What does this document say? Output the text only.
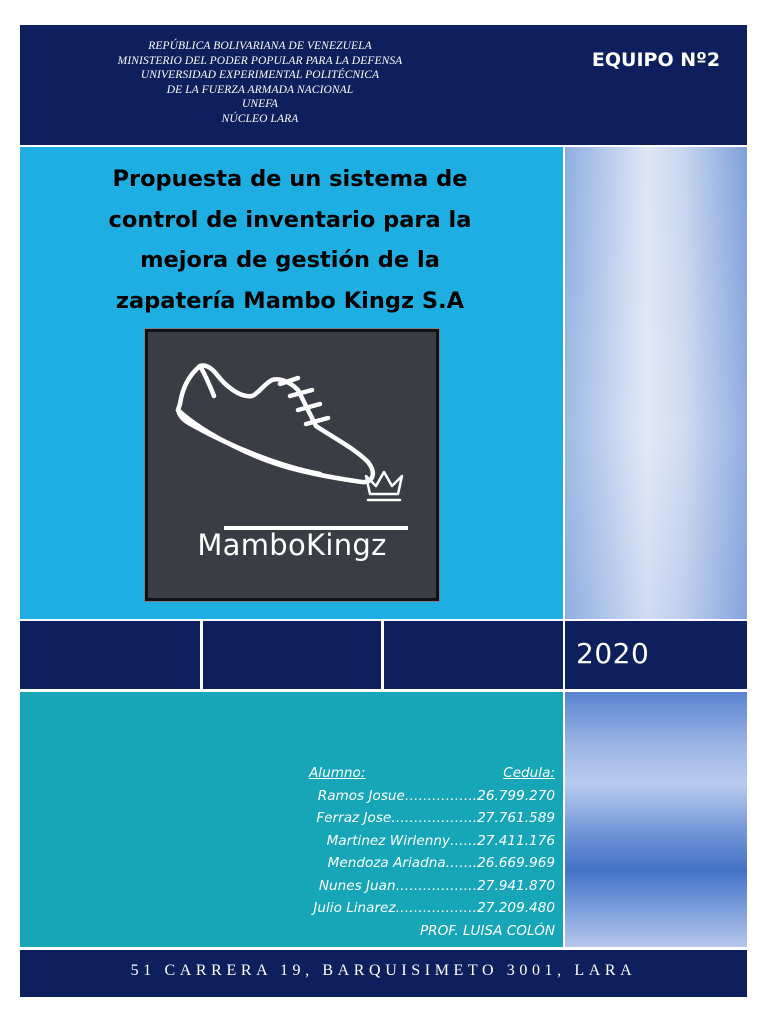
REPÚBLICA BOLIVARIANA DE VENEZUELA
MINISTERIO DEL PODER POPULAR PARA LA DEFENSA
UNIVERSIDAD EXPERIMENTAL POLITÉCNICA
DE LA FUERZA ARMADA NACIONAL
UNEFA
NÚCLEO LARA
EQUIPO Nº2
Propuesta de un sistema de
control de inventario para la
mejora de gestión de la
zapatería Mambo Kingz S.A
MamboKingz
2020
Alumno:	Cedula:
Ramos Josue…………….26.799.270
Ferraz Jose……………….27.761.589
Martinez Wirlenny……27.411.176
Mendoza Ariadna…….26.669.969
Nunes Juan………………27.941.870
Julio Linarez………………27.209.480
PROF. LUISA COLÓN
51 CARRERA 19, BARQUISIMETO 3001, LARA
